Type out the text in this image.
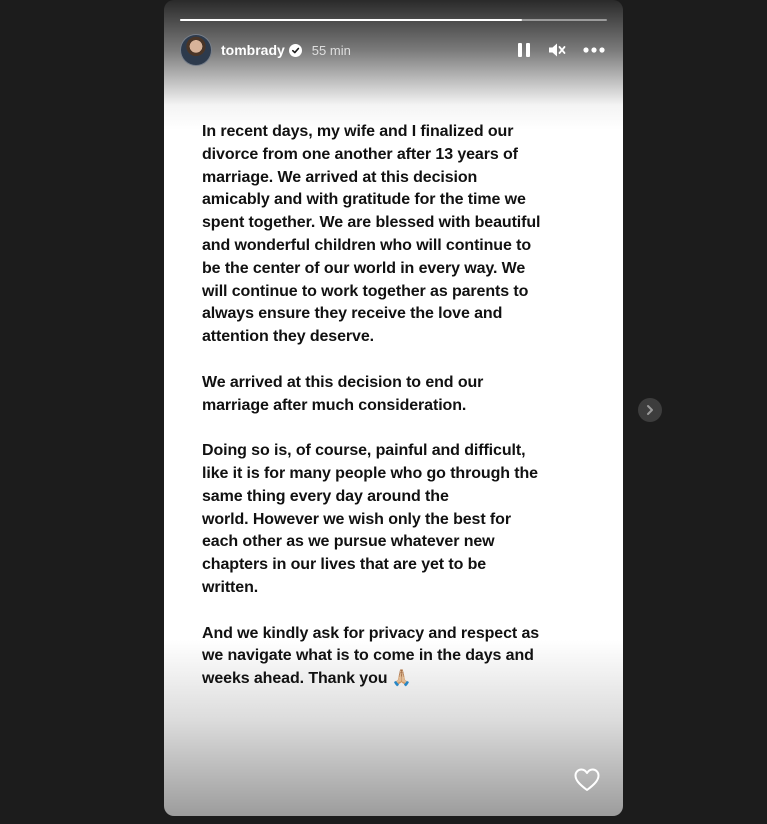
tombrady 55 min
In recent days, my wife and I finalized our
divorce from one another after 13 years of
marriage. We arrived at this decision
amicably and with gratitude for the time we
spent together. We are blessed with beautiful
and wonderful children who will continue to
be the center of our world in every way. We
will continue to work together as parents to
always ensure they receive the love and
attention they deserve.

We arrived at this decision to end our
marriage after much consideration.

Doing so is, of course, painful and difficult,
like it is for many people who go through the
same thing every day around the
world. However we wish only the best for
each other as we pursue whatever new
chapters in our lives that are yet to be
written.

And we kindly ask for privacy and respect as
we navigate what is to come in the days and
weeks ahead. Thank you 🙏🏼
